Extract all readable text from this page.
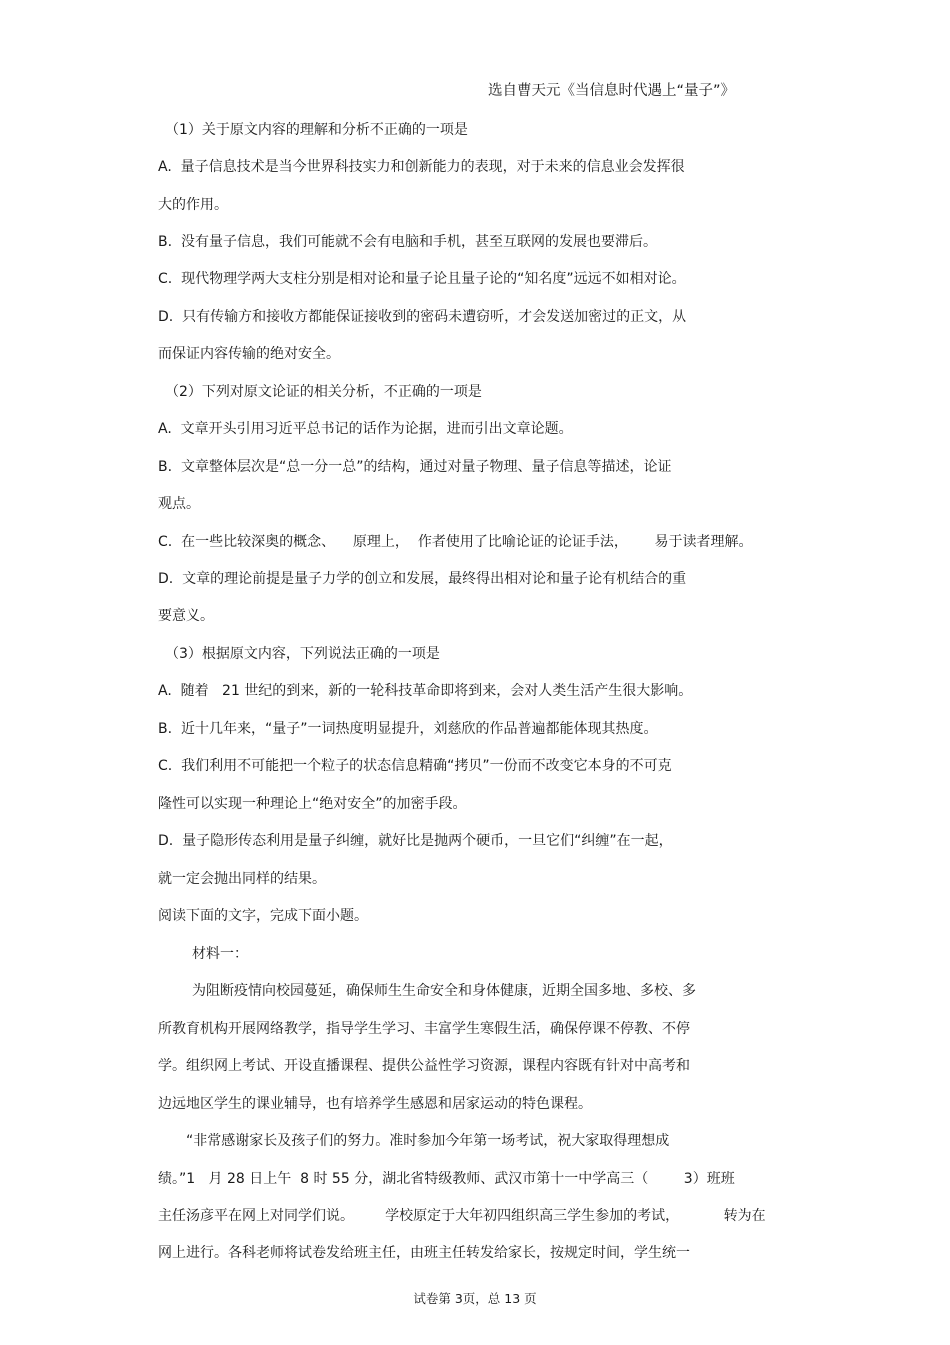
选自曹天元《当信息时代遇上“量子”》

（1）关于原文内容的理解和分析不正确的一项是

A.  量子信息技术是当今世界科技实力和创新能力的表现，对于未来的信息业会发挥很

大的作用。

B.  没有量子信息，我们可能就不会有电脑和手机，甚至互联网的发展也要滞后。

C.  现代物理学两大支柱分别是相对论和量子论且量子论的“知名度”远远不如相对论。

D.  只有传输方和接收方都能保证接收到的密码未遭窃听，才会发送加密过的正文，从

而保证内容传输的绝对安全。

（2）下列对原文论证的相关分析，不正确的一项是

A.  文章开头引用习近平总书记的话作为论据，进而引出文章论题。

B.  文章整体层次是“总一分一总”的结构，通过对量子物理、量子信息等描述，论证

观点。

C.  在一些比较深奥的概念、    原理上，  作者使用了比喻论证的论证手法，      易于读者理解。

D.  文章的理论前提是量子力学的创立和发展，最终得出相对论和量子论有机结合的重

要意义。

（3）根据原文内容，下列说法正确的一项是

A.  随着   21 世纪的到来，新的一轮科技革命即将到来，会对人类生活产生很大影响。

B.  近十几年来，“量子”一词热度明显提升，刘慈欣的作品普遍都能体现其热度。

C.  我们利用不可能把一个粒子的状态信息精确“拷贝”一份而不改变它本身的不可克

隆性可以实现一种理论上“绝对安全”的加密手段。

D.  量子隐形传态利用是量子纠缠，就好比是抛两个硬币，一旦它们“纠缠”在一起，

就一定会抛出同样的结果。

阅读下面的文字，完成下面小题。

材料一：

为阻断疫情向校园蔓延，确保师生生命安全和身体健康，近期全国多地、多校、多

所教育机构开展网络教学，指导学生学习、丰富学生寒假生活，确保停课不停教、不停

学。组织网上考试、开设直播课程、提供公益性学习资源，课程内容既有针对中高考和

边远地区学生的课业辅导，也有培养学生感恩和居家运动的特色课程。

“非常感谢家长及孩子们的努力。准时参加今年第一场考试，祝大家取得理想成

绩。”1   月 28 日上午  8 时 55 分，湖北省特级教师、武汉市第十一中学高三（        3）班班

主任汤彦平在网上对同学们说。       学校原定于大年初四组织高三学生参加的考试，          转为在

网上进行。各科老师将试卷发给班主任，由班主任转发给家长，按规定时间，学生统一

试卷第 3页，总 13 页
